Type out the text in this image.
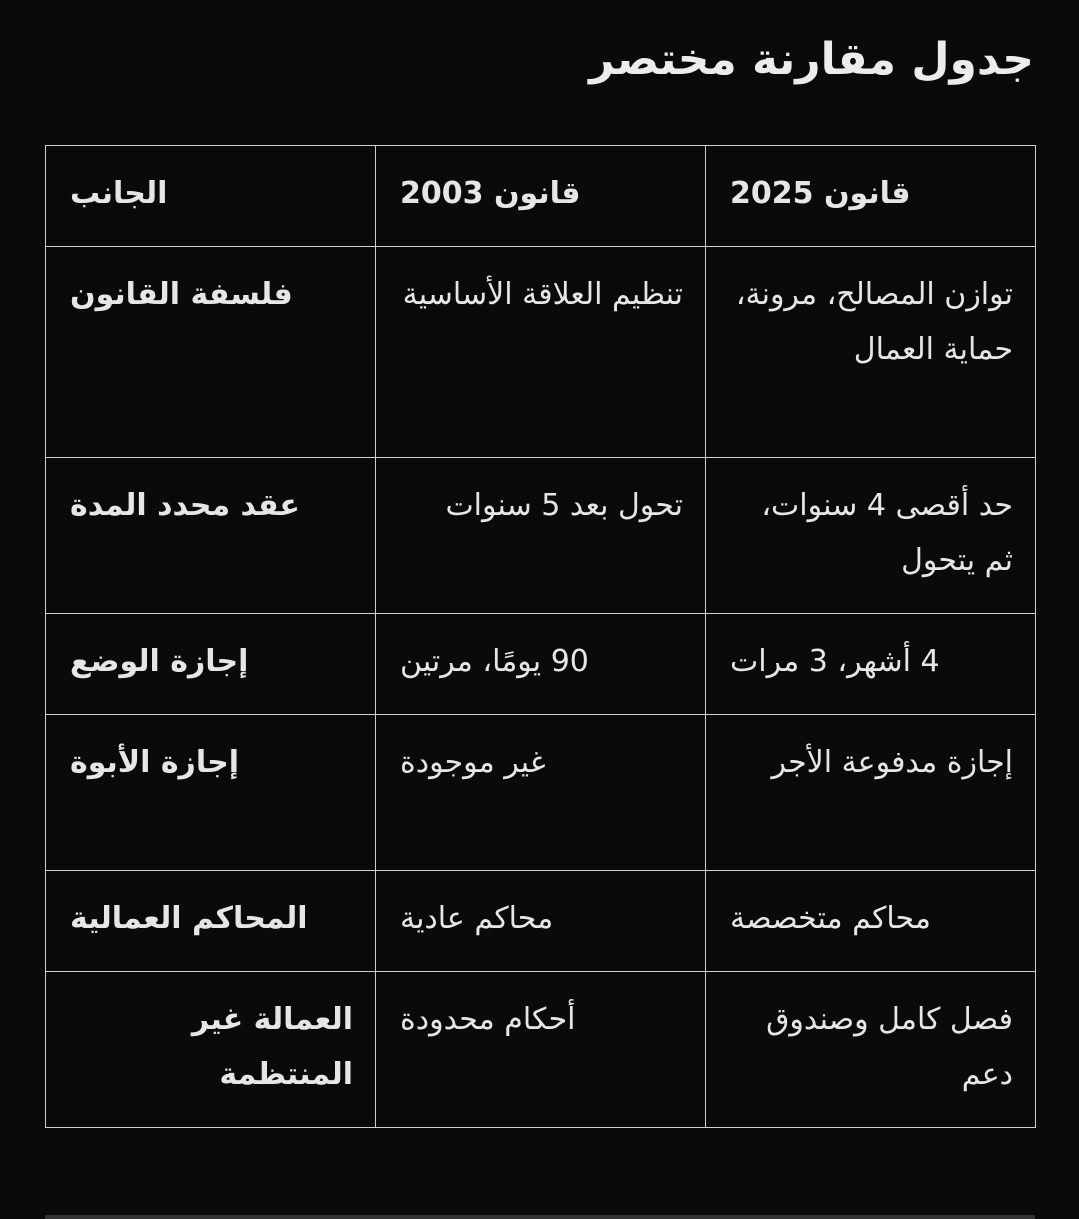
جدول مقارنة مختصر
قانون 2025	قانون 2003	الجانب
توازن المصالح، مرونة، حماية العمال	تنظيم العلاقة الأساسية	فلسفة القانون
حد أقصى 4 سنوات، ثم يتحول	تحول بعد 5 سنوات	عقد محدد المدة
4 أشهر، 3 مرات	90 يومًا، مرتين	إجازة الوضع
إجازة مدفوعة الأجر	غير موجودة	إجازة الأبوة
محاكم متخصصة	محاكم عادية	المحاكم العمالية
فصل كامل وصندوق دعم	أحكام محدودة	العمالة غير المنتظمة
